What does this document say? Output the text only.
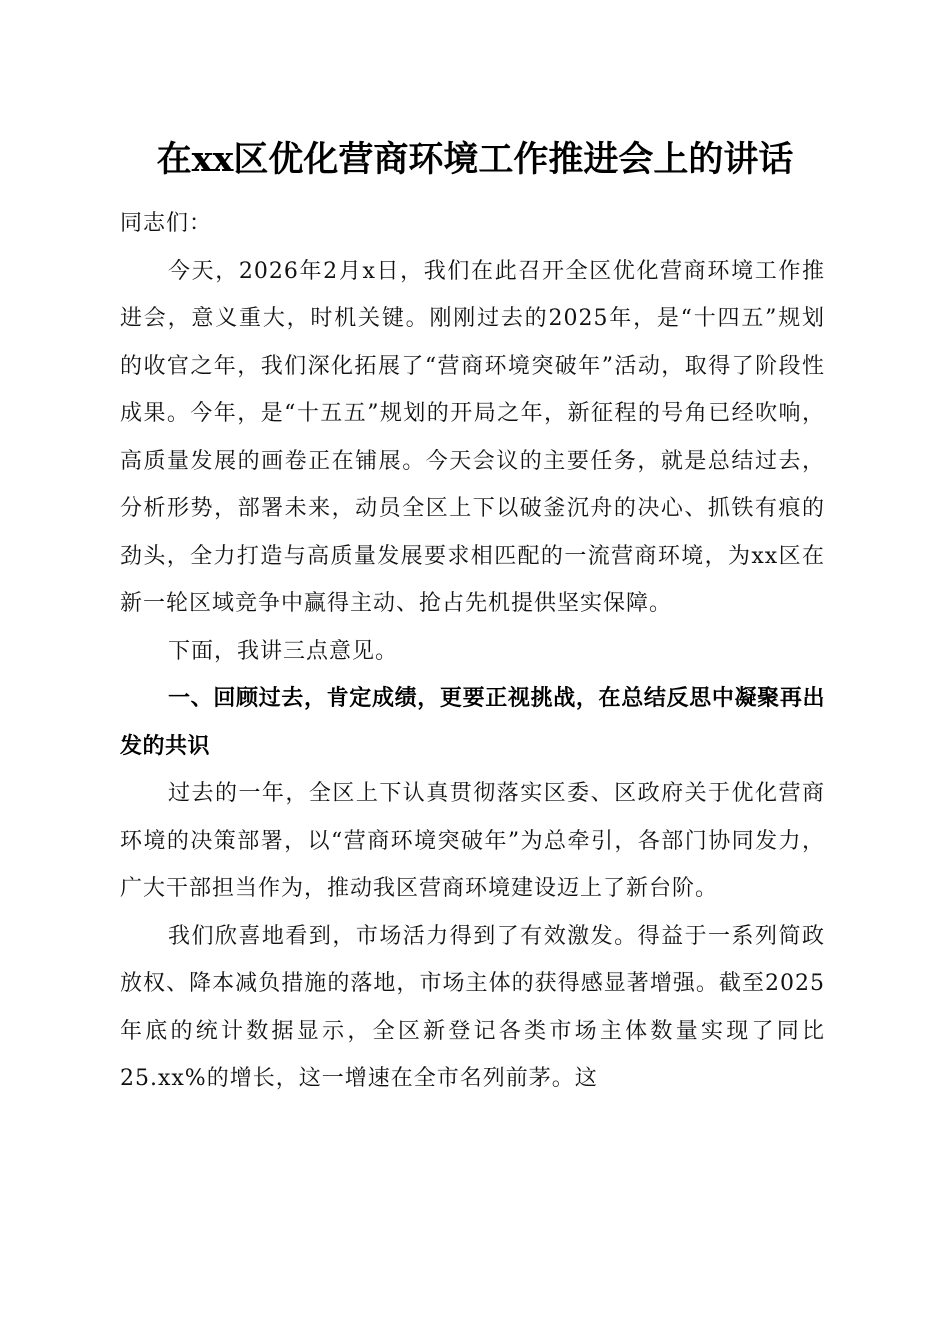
在xx区优化营商环境工作推进会上的讲话

同志们：

今天，2026年2月x日，我们在此召开全区优化营商环境工作推进会，意义重大，时机关键。刚刚过去的2025年，是“十四五”规划的收官之年，我们深化拓展了“营商环境突破年”活动，取得了阶段性成果。今年，是“十五五”规划的开局之年，新征程的号角已经吹响，高质量发展的画卷正在铺展。今天会议的主要任务，就是总结过去，分析形势，部署未来，动员全区上下以破釜沉舟的决心、抓铁有痕的劲头，全力打造与高质量发展要求相匹配的一流营商环境，为xx区在新一轮区域竞争中赢得主动、抢占先机提供坚实保障。

下面，我讲三点意见。

一、回顾过去，肯定成绩，更要正视挑战，在总结反思中凝聚再出发的共识

过去的一年，全区上下认真贯彻落实区委、区政府关于优化营商环境的决策部署，以“营商环境突破年”为总牵引，各部门协同发力，广大干部担当作为，推动我区营商环境建设迈上了新台阶。

我们欣喜地看到，市场活力得到了有效激发。得益于一系列简政放权、降本减负措施的落地，市场主体的获得感显著增强。截至2025年底的统计数据显示，全区新登记各类市场主体数量实现了同比25.xx%的增长，这一增速在全市名列前茅。这
